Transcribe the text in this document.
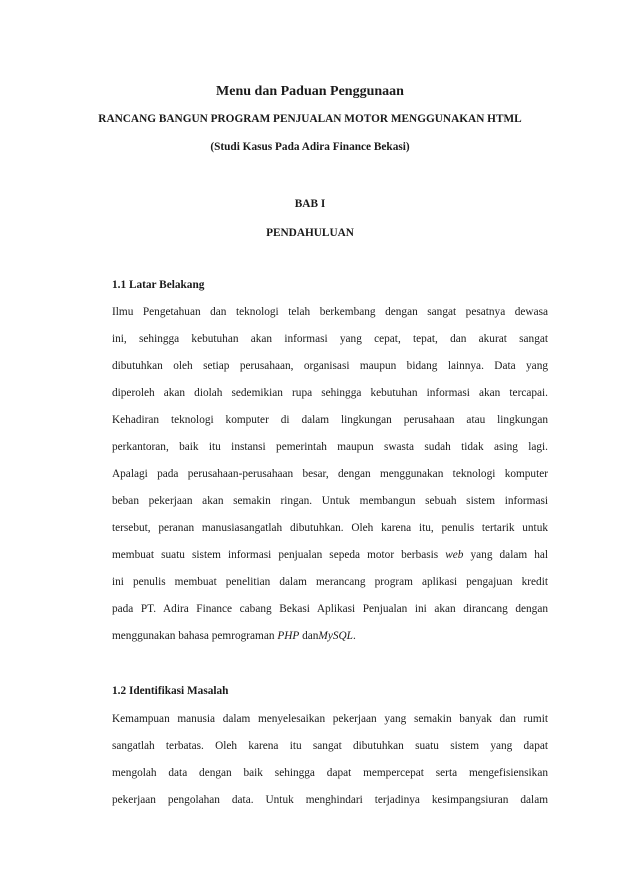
Menu dan Paduan Penggunaan
RANCANG BANGUN PROGRAM PENJUALAN MOTOR MENGGUNAKAN HTML
(Studi Kasus Pada Adira Finance Bekasi)
BAB I
PENDAHULUAN
1.1 Latar Belakang
Ilmu Pengetahuan dan teknologi telah berkembang dengan sangat pesatnya dewasa
ini, sehingga kebutuhan akan informasi yang cepat, tepat, dan akurat sangat
dibutuhkan oleh setiap perusahaan, organisasi maupun bidang lainnya. Data yang
diperoleh akan diolah sedemikian rupa sehingga kebutuhan informasi akan tercapai.
Kehadiran teknologi komputer di dalam lingkungan perusahaan atau lingkungan
perkantoran, baik itu instansi pemerintah maupun swasta sudah tidak asing lagi.
Apalagi pada perusahaan-perusahaan besar, dengan menggunakan teknologi komputer
beban pekerjaan akan semakin ringan. Untuk membangun sebuah sistem informasi
tersebut, peranan manusiasangatlah dibutuhkan. Oleh karena itu, penulis tertarik untuk
membuat suatu sistem informasi penjualan sepeda motor berbasis web yang dalam hal
ini penulis membuat penelitian dalam merancang program aplikasi pengajuan kredit
pada PT. Adira Finance cabang Bekasi Aplikasi Penjualan ini akan dirancang dengan
menggunakan bahasa pemrograman PHP danMySQL.
1.2 Identifikasi Masalah
Kemampuan manusia dalam menyelesaikan pekerjaan yang semakin banyak dan rumit
sangatlah terbatas. Oleh karena itu sangat dibutuhkan suatu sistem yang dapat
mengolah data dengan baik sehingga dapat mempercepat serta mengefisiensikan
pekerjaan pengolahan data. Untuk menghindari terjadinya kesimpangsiuran dalam
